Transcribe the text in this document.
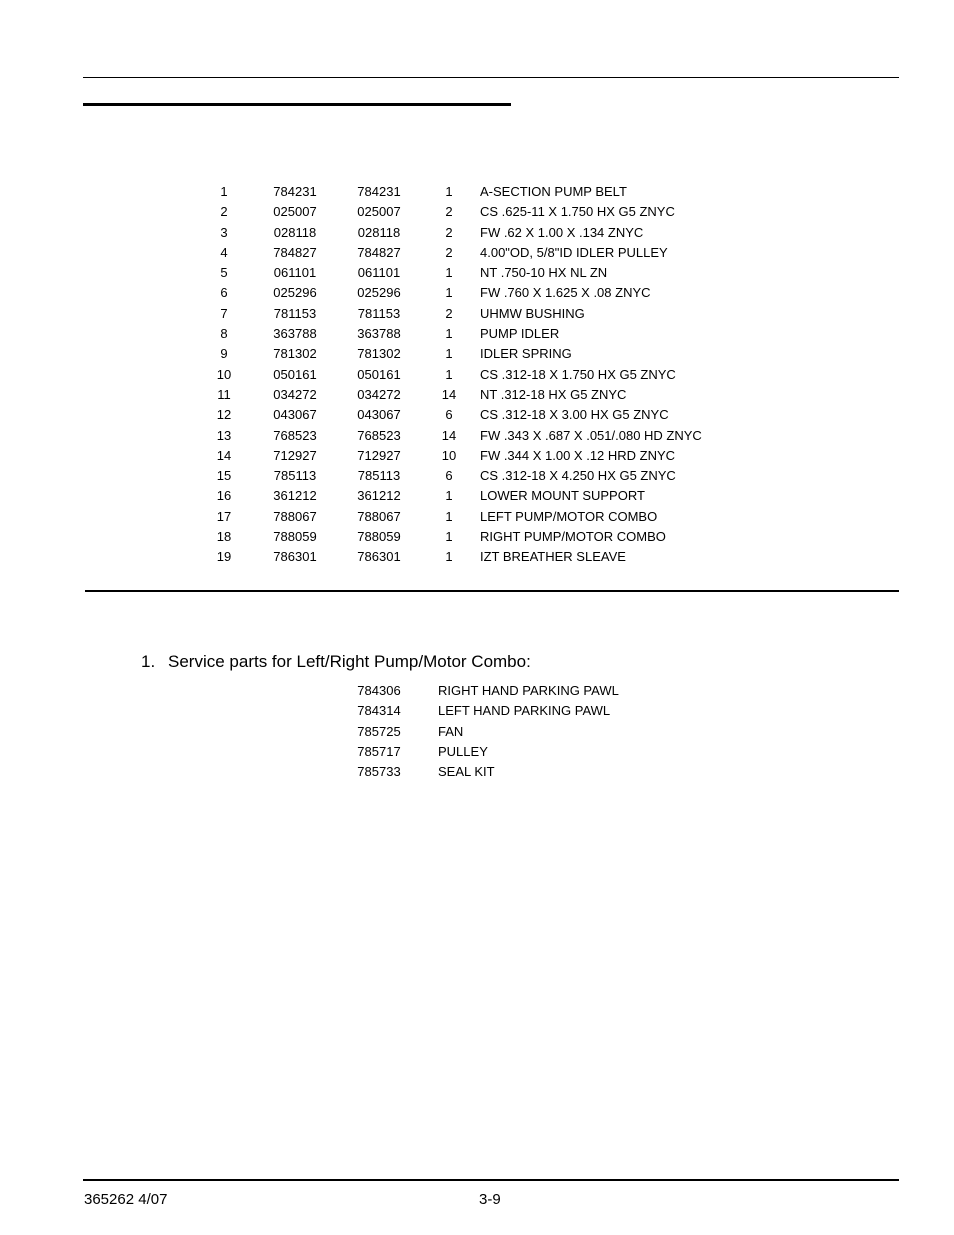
1	784231	784231	1	A-SECTION PUMP BELT
2	025007	025007	2	CS .625-11 X 1.750 HX G5 ZNYC
3	028118	028118	2	FW .62 X 1.00 X .134 ZNYC
4	784827	784827	2	4.00"OD, 5/8"ID IDLER PULLEY
5	061101	061101	1	NT .750-10 HX NL ZN
6	025296	025296	1	FW .760 X 1.625 X .08 ZNYC
7	781153	781153	2	UHMW BUSHING
8	363788	363788	1	PUMP IDLER
9	781302	781302	1	IDLER SPRING
10	050161	050161	1	CS .312-18 X 1.750 HX G5 ZNYC
11	034272	034272	14	NT .312-18 HX G5 ZNYC
12	043067	043067	6	CS .312-18 X 3.00 HX G5 ZNYC
13	768523	768523	14	FW .343 X .687 X .051/.080 HD ZNYC
14	712927	712927	10	FW .344 X 1.00 X .12 HRD ZNYC
15	785113	785113	6	CS .312-18 X 4.250 HX G5 ZNYC
16	361212	361212	1	LOWER MOUNT SUPPORT
17	788067	788067	1	LEFT PUMP/MOTOR COMBO
18	788059	788059	1	RIGHT PUMP/MOTOR COMBO
19	786301	786301	1	IZT BREATHER SLEAVE
1. Service parts for Left/Right Pump/Motor Combo:
784306	RIGHT HAND PARKING PAWL
784314	LEFT HAND PARKING PAWL
785725	FAN
785717	PULLEY
785733	SEAL KIT
365262 4/07	3-9
